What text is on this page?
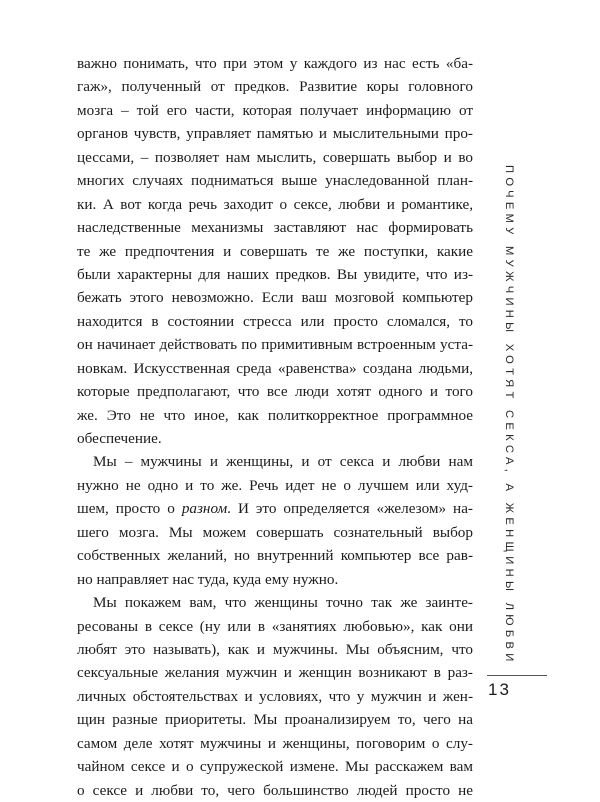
важно понимать, что при этом у каждого из нас есть «ба-
гаж», полученный от предков. Развитие коры головного
мозга – той его части, которая получает информацию от
органов чувств, управляет памятью и мыслительными про-
цессами, – позволяет нам мыслить, совершать выбор и во
многих случаях подниматься выше унаследованной план-
ки. А вот когда речь заходит о сексе, любви и романтике,
наследственные механизмы заставляют нас формировать
те же предпочтения и совершать те же поступки, какие
были характерны для наших предков. Вы увидите, что из-
бежать этого невозможно. Если ваш мозговой компьютер
находится в состоянии стресса или просто сломался, то
он начинает действовать по примитивным встроенным уста-
новкам. Искусственная среда «равенства» создана людьми,
которые предполагают, что все люди хотят одного и того
же. Это не что иное, как политкорректное программное
обеспечение.
Мы – мужчины и женщины, и от секса и любви нам
нужно не одно и то же. Речь идет не о лучшем или худ-
шем, просто о разном. И это определяется «железом» на-
шего мозга. Мы можем совершать сознательный выбор
собственных желаний, но внутренний компьютер все рав-
но направляет нас туда, куда ему нужно.
Мы покажем вам, что женщины точно так же заинте-
ресованы в сексе (ну или в «занятиях любовью», как они
любят это называть), как и мужчины. Мы объясним, что
сексуальные желания мужчин и женщин возникают в раз-
личных обстоятельствах и условиях, что у мужчин и жен-
щин разные приоритеты. Мы проанализируем то, чего на
самом деле хотят мужчины и женщины, поговорим о слу-
чайном сексе и о супружеской измене. Мы расскажем вам
о сексе и любви то, чего большинство людей просто не
ПОЧЕМУ МУЖЧИНЫ ХОТЯТ СЕКСА, А ЖЕНЩИНЫ ЛЮБВИ
13
